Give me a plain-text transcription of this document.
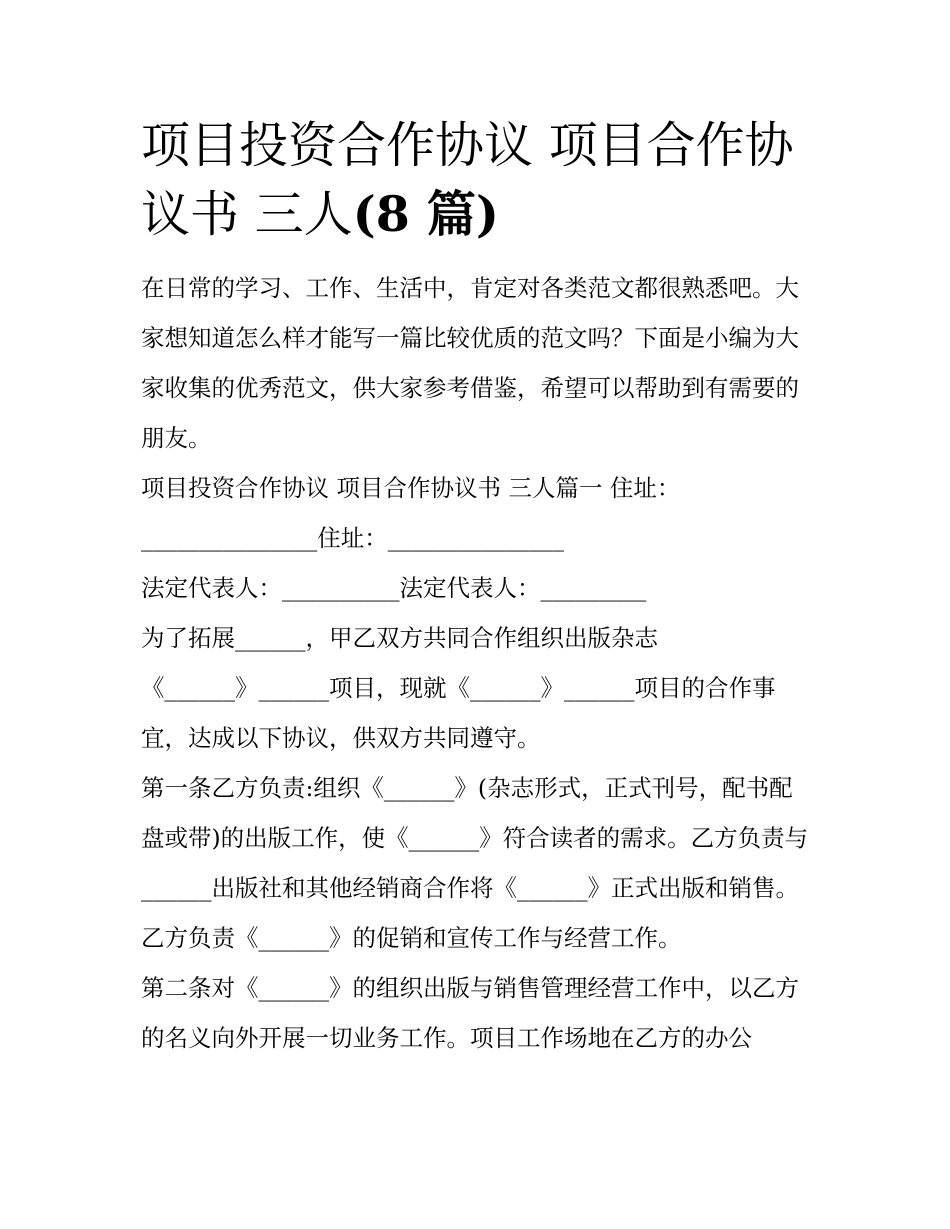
项目投资合作协议 项目合作协
议书 三人(8 篇)

在日常的学习、工作、生活中，肯定对各类范文都很熟悉吧。大家想知道怎么样才能写一篇比较优质的范文吗？下面是小编为大家收集的优秀范文，供大家参考借鉴，希望可以帮助到有需要的朋友。

项目投资合作协议 项目合作协议书 三人篇一 住址：

_______________住址：_______________

法定代表人：__________法定代表人：_________

为了拓展______，甲乙双方共同合作组织出版杂志

《______》______项目，现就《______》______项目的合作事宜，达成以下协议，供双方共同遵守。

第一条乙方负责:组织《______》(杂志形式，正式刊号，配书配盘或带)的出版工作，使《______》符合读者的需求。乙方负责与______出版社和其他经销商合作将《______》正式出版和销售。乙方负责《______》的促销和宣传工作与经营工作。

第二条对《______》的组织出版与销售管理经营工作中，以乙方的名义向外开展一切业务工作。项目工作场地在乙方的办公
